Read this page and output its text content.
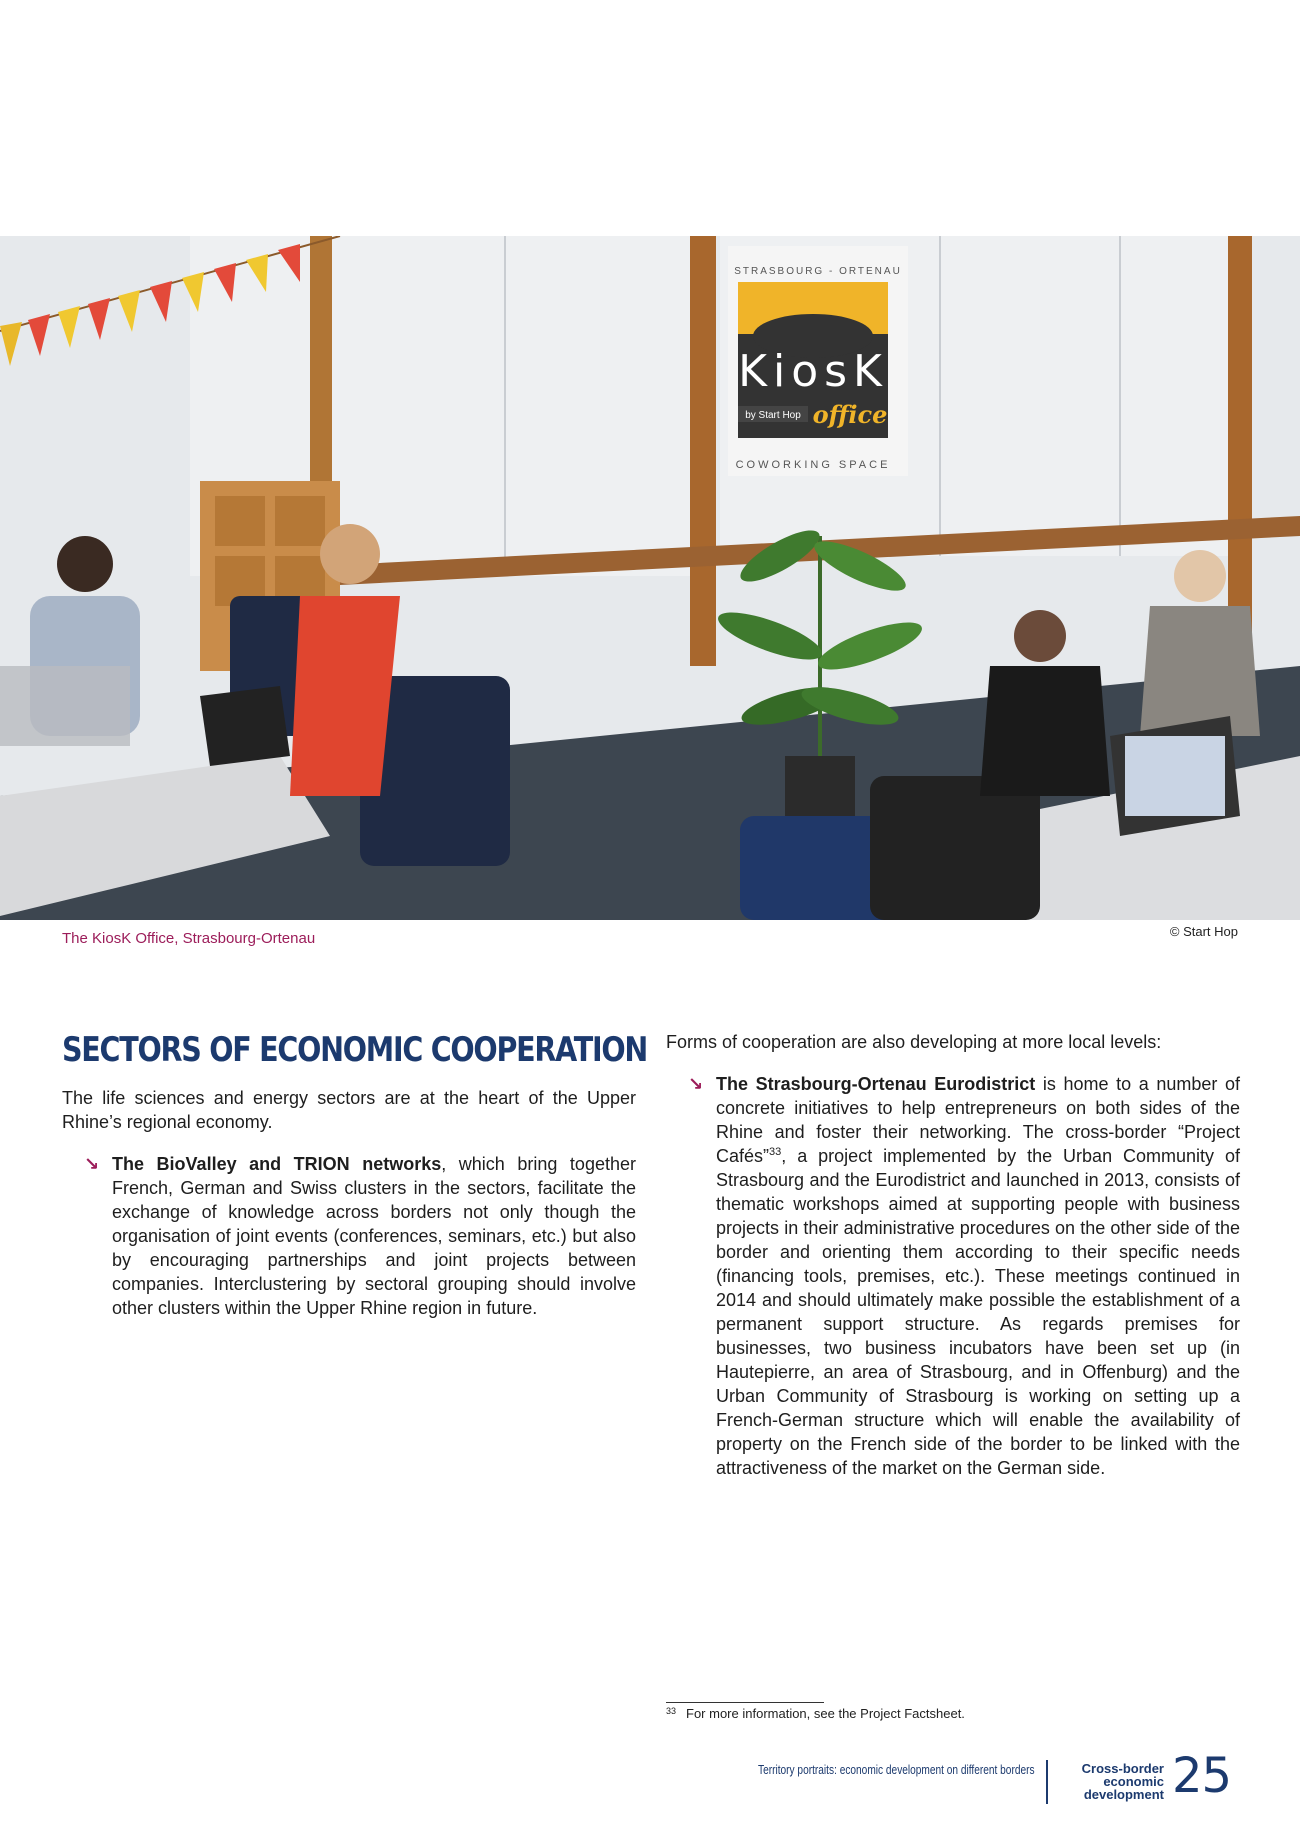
STRASBOURG - ORTENAU
KiosK
by Start Hop office
COWORKING SPACE
The KiosK Office, Strasbourg-Ortenau	© Start Hop
SECTORS OF ECONOMIC COOPERATION

The life sciences and energy sectors are at the heart of the Upper Rhine’s regional economy.

↘ The BioValley and TRION networks, which bring together French, German and Swiss clusters in the sectors, facilitate the exchange of knowledge across borders not only though the organisation of joint events (conferences, seminars, etc.) but also by encouraging partnerships and joint projects between companies. Interclustering by sectoral grouping should involve other clusters within the Upper Rhine region in future.

Forms of cooperation are also developing at more local levels:

↘ The Strasbourg-Ortenau Eurodistrict is home to a number of concrete initiatives to help entrepreneurs on both sides of the Rhine and foster their networking. The cross-border “Project Cafés”$^{33}$, a project implemented by the Urban Community of Strasbourg and the Eurodistrict and launched in 2013, consists of thematic workshops aimed at supporting people with business projects in their administrative procedures on the other side of the border and orienting them according to their specific needs (financing tools, premises, etc.). These meetings continued in 2014 and should ultimately make possible the establishment of a permanent support structure. As regards premises for businesses, two business incubators have been set up (in Hautepierre, an area of Strasbourg, and in Offenburg) and the Urban Community of Strasbourg is working on setting up a French-German structure which will enable the availability of property on the French side of the border to be linked with the attractiveness of the market on the German side.

$^{33}$ For more information, see the Project Factsheet.
Territory portraits: economic development on different borders	Cross-border economic development 25
